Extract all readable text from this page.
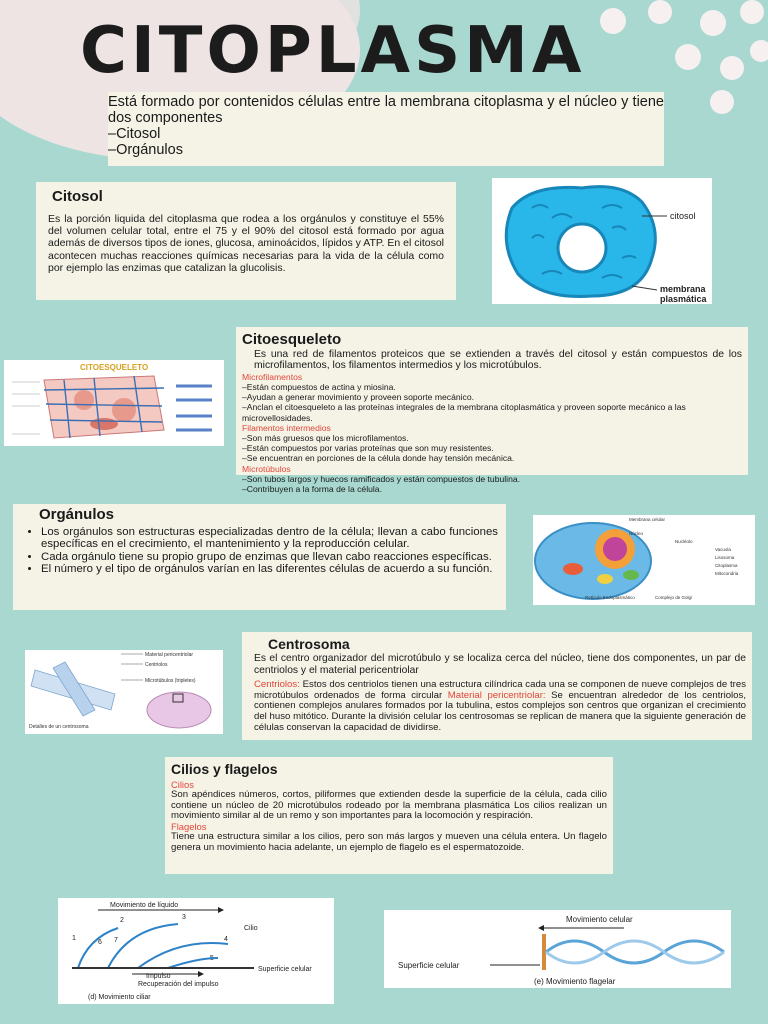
CITOPLASMA

Está formado por contenidos células entre la membrana citoplasma y el núcleo y tiene dos componentes

–Citosol

–Orgánulos

Citosol

Es la porción liquida del citoplasma que rodea a los orgánulos y constituye el 55% del volumen celular total, entre el 75 y el 90% del citosol está formado por agua además de diversos tipos de iones, glucosa, aminoácidos, lípidos y ATP. En el citosol acontecen muchas reacciones químicas necesarias para la vida de la célula como por ejemplo las enzimas que catalizan la glucolisis.

citosol
membrana
plasmática
Citoesqueleto

Es una red de filamentos proteicos que se extienden a través del citosol y están compuestos de los microfilamentos, los filamentos intermedios y los microtúbulos.

Microfilamentos

–Están compuestos de actina y miosina.

–Ayudan a generar movimiento y proveen soporte mecánico.

–Anclan el citoesqueleto a las proteínas integrales de la membrana citoplasmática y proveen soporte mecánico a las microvellosidades.

Filamentos intermedios

–Son más gruesos que los microfilamentos.

–Están compuestos por varias proteínas que son muy resistentes.

–Se encuentran en porciones de la célula donde hay tensión mecánica.

Microtúbulos

–Son tubos largos y huecos ramificados y están compuestos de tubulina.

–Contribuyen a la forma de la célula.

CITOESQUELETO
Orgánulos
• Los orgánulos son estructuras especializadas dentro de la célula; llevan a cabo funciones específicas en el crecimiento, el mantenimiento y la reproducción celular.
• Cada orgánulo tiene su propio grupo de enzimas que llevan cabo reacciones específicas.
• El número y el tipo de orgánulos varían en las diferentes células de acuerdo a su función.
Membrana celular
Núcleo
Nucléolo
Vacuola
Lisosoma
Citoplasma
Mitocondria
Retículo Endoplasmático	Complejo de Golgi
Centrosoma

Es el centro organizador del microtúbulo y se localiza cerca del núcleo, tiene dos componentes, un par de centriolos y el material pericentriolar

Centriolos: Estos dos centriolos tienen una estructura cilíndrica cada una se componen de nueve complejos de tres microtúbulos ordenados de forma circular Material pericentriolar: Se encuentran alrededor de los centriolos, contienen complejos anulares formados por la tubulina, estos complejos son centros que organizan el crecimiento del huso mitótico. Durante la división celular los centrosomas se replican de manera que la siguiente generación de células conservan la capacidad de dividirse.

Material pericentriolar
Centriolos
Microtúbulos (tripletes)
Detalles de un centrosoma
Cilios y flagelos

Cilios

Son apéndices números, cortos, piliformes que extienden desde la superficie de la célula, cada cilio contiene un núcleo de 20 microtúbulos rodeado por la membrana plasmática Los cilios realizan un movimiento similar al de un remo y son importantes para la locomoción y respiración.

Flagelos

Tiene una estructura similar a los cilios, pero son más largos y mueven una célula entera. Un flagelo genera un movimiento hacia adelante, un ejemplo de flagelo es el espermatozoide.

Movimiento de líquido
Cilio
Superficie celular
Impulso
Recuperación del impulso
(d) Movimiento ciliar
1
2	3
4
5
6 7
Movimiento celular
Superficie celular
(e) Movimiento flagelar
